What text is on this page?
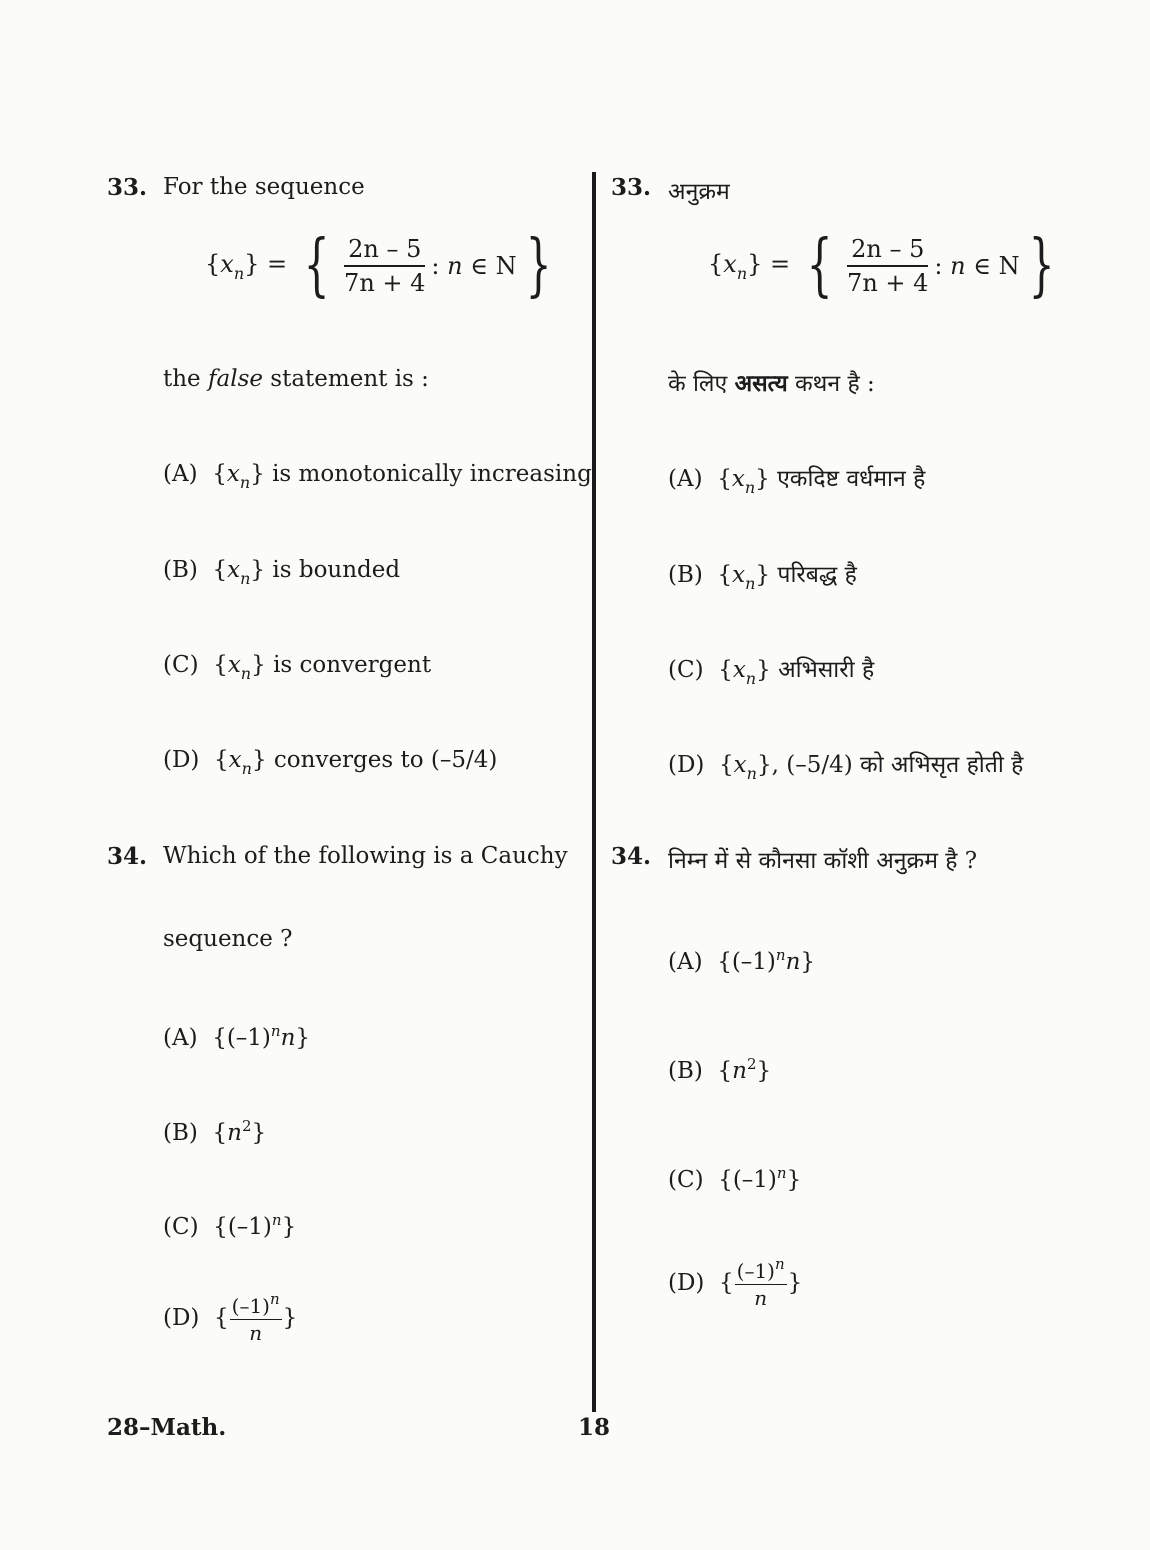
33. For the sequence
$\{x_n\}$ = { $\frac{2n - 5}{7n + 4}$ : n ∈ N }
the false statement is :
(A) $\{x_n\}$ is monotonically increasing
(B) $\{x_n\}$ is bounded
(C) $\{x_n\}$ is convergent
(D) $\{x_n\}$ converges to (–5/4)
34. Which of the following is a Cauchy
sequence ?
(A) $\{(-1)^nn\}$
(B) $\{n^2\}$
(C) $\{(-1)^n\}$
(D)
{ $\frac{(-1)^n}{n}$ }
33. अनुक्रम
$\{x_n\}$ = { $\frac{2n - 5}{7n + 4}$ : n ∈ N }
के लिए असत्य कथन है :
(A) $\{x_n\}$ एकदिष्ट वर्धमान है
(B) $\{x_n\}$ परिबद्ध है
(C) $\{x_n\}$ अभिसारी है
(D) $\{x_n\}$, (–5/4) को अभिसृत होती है
34. निम्न में से कौनसा कॉशी अनुक्रम है ?
(A) $\{(-1)^nn\}$
(B) $\{n^2\}$
(C) $\{(-1)^n\}$
(D)
{ $\frac{(-1)^n}{n}$ }
28–Math.	18
